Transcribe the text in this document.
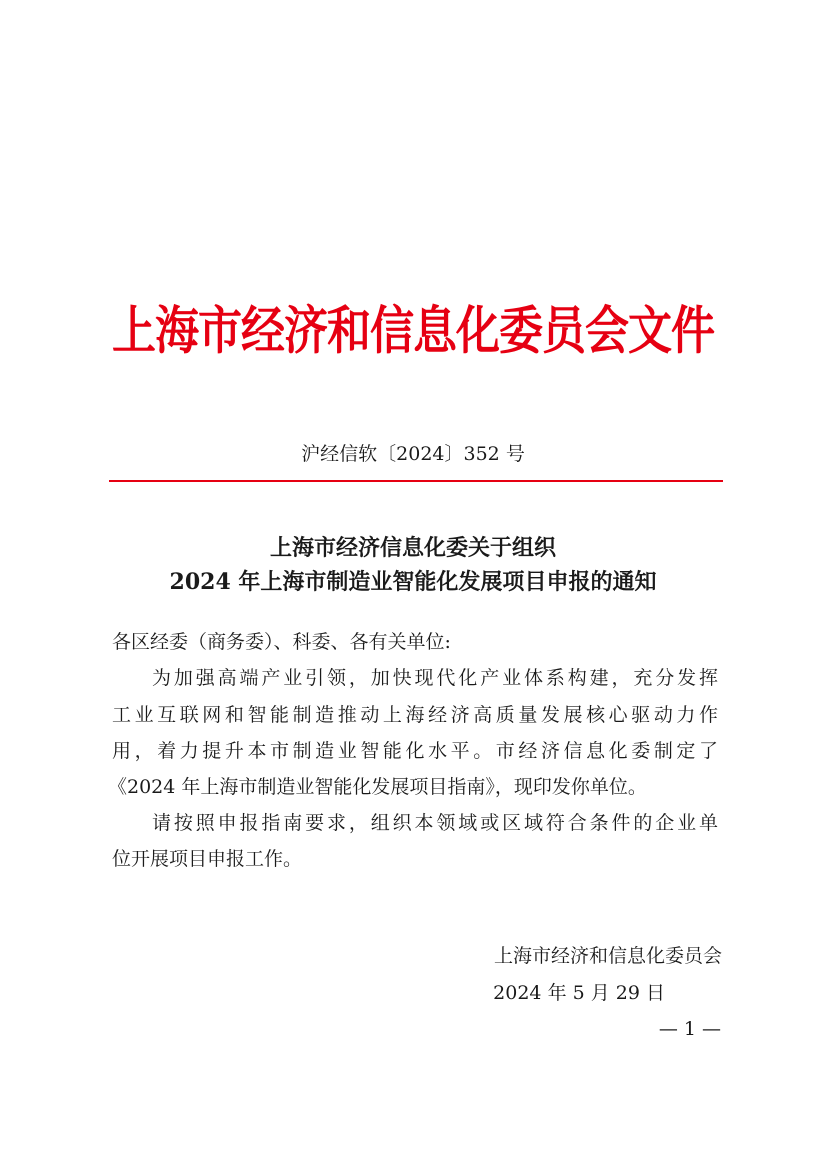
上海市经济和信息化委员会文件
沪经信软〔2024〕352 号
上海市经济信息化委关于组织
2024 年上海市制造业智能化发展项目申报的通知
各区经委（商务委）、科委、各有关单位:
为加强高端产业引领，加快现代化产业体系构建，充分发挥
工业互联网和智能制造推动上海经济高质量发展核心驱动力作
用，着力提升本市制造业智能化水平。市经济信息化委制定了
《2024 年上海市制造业智能化发展项目指南》，现印发你单位。
请按照申报指南要求，组织本领域或区域符合条件的企业单
位开展项目申报工作。
上海市经济和信息化委员会
2024 年 5 月 29 日
— 1 —
